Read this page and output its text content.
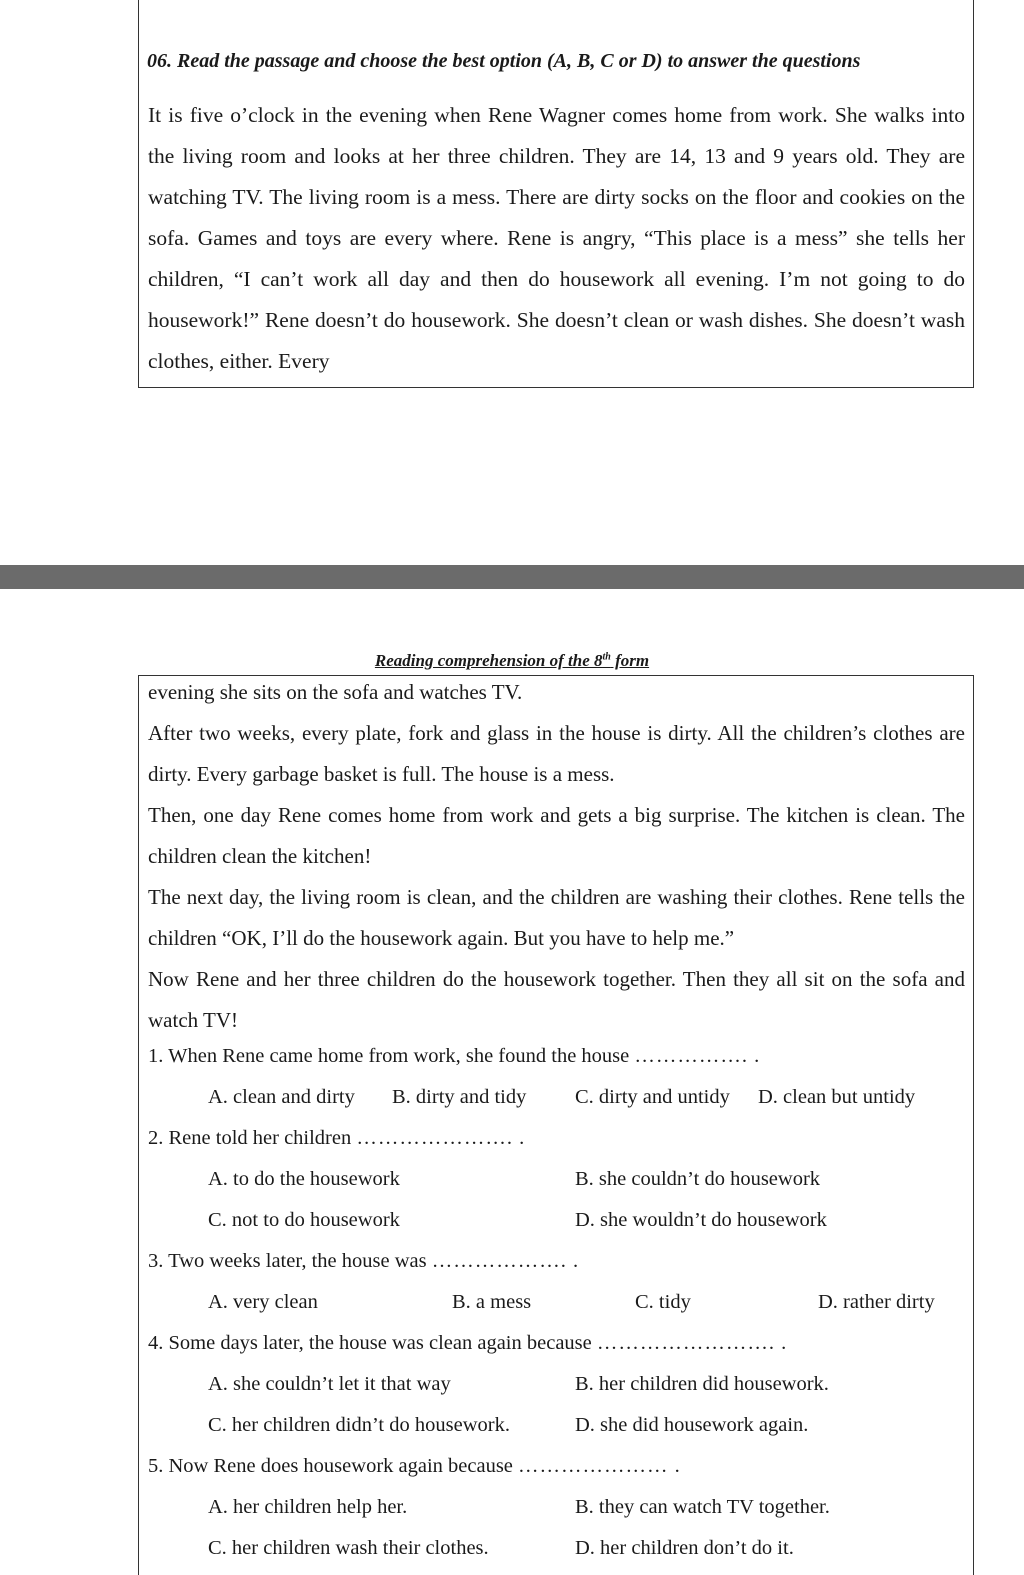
06. Read the passage and choose the best option (A, B, C or D) to answer the questions
It is five o’clock in the evening when Rene Wagner comes home from work. She walks into the living room and looks at her three children. They are 14, 13 and 9 years old. They are watching TV. The living room is a mess. There are dirty socks on the floor and cookies on the sofa. Games and toys are every where. Rene is angry, “This place is a mess” she tells her children, “I can’t work all day and then do housework all evening. I’m not going to do housework!” Rene doesn’t do housework. She doesn’t clean or wash dishes. She doesn’t wash clothes, either. Every
Reading comprehension of the 8th form

evening she sits on the sofa and watches TV.

After two weeks, every plate, fork and glass in the house is dirty. All the children’s clothes are dirty. Every garbage basket is full. The house is a mess.

Then, one day Rene comes home from work and gets a big surprise. The kitchen is clean. The children clean the kitchen!

The next day, the living room is clean, and the children are washing their clothes. Rene tells the children “OK, I’ll do the housework again. But you have to help me.”

Now Rene and her three children do the housework together. Then they all sit on the sofa and watch TV!

1. When Rene came home from work, she found the house ……………. .
A. clean and dirty B. dirty and tidy C. dirty and untidy D. clean but untidy
2. Rene told her children …………………. .
A. to do the housework	B. she couldn’t do housework
C. not to do housework	D. she wouldn’t do housework
3. Two weeks later, the house was ………………. .
A. very clean	B. a mess	C. tidy	D. rather dirty
4. Some days later, the house was clean again because ……………………. .
A. she couldn’t let it that way	B. her children did housework.
C. her children didn’t do housework.	D. she did housework again.
5. Now Rene does housework again because ………………… .
A. her children help her.	B. they can watch TV together.
C. her children wash their clothes.	D. her children don’t do it.
